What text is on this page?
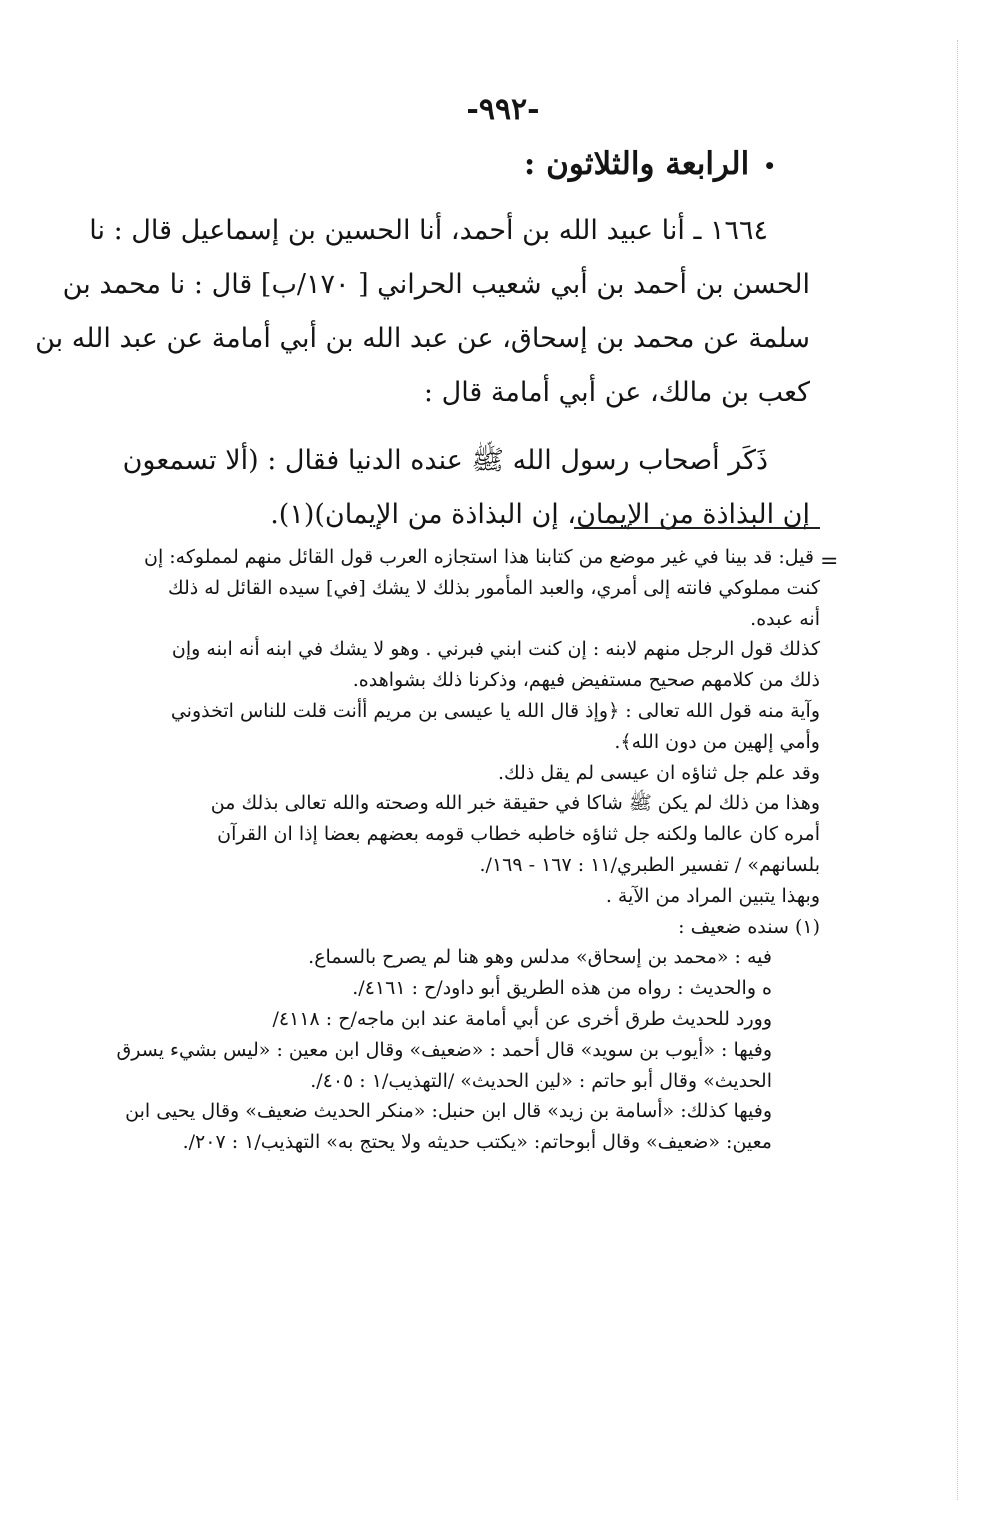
-٩٩٢-
•الرابعة والثلاثون :
١٦٦٤ ـ أنا عبيد الله بن أحمد، أنا الحسين بن إسماعيل قال : نا
الحسن بن أحمد بن أبي شعيب الحراني [ ١٧٠/ب] قال : نا محمد بن
سلمة عن محمد بن إسحاق، عن عبد الله بن أبي أمامة عن عبد الله بن
كعب بن مالك، عن أبي أمامة قال :
ذَكَر أصحاب رسول الله ﷺ عنده الدنيا فقال : (ألا تسمعون
إن البذاذة من الإيمان، إن البذاذة من الإيمان)(١).
=
قيل: قد بينا في غير موضع من كتابنا هذا استجازه العرب قول القائل منهم لمملوكه: إن
كنت مملوكي فانته إلى أمري، والعبد المأمور بذلك لا يشك [في] سيده القائل له ذلك
أنه عبده.
كذلك قول الرجل منهم لابنه : إن كنت ابني فبرني . وهو لا يشك في ابنه أنه ابنه وإن
ذلك من كلامهم صحيح مستفيض فيهم، وذكرنا ذلك بشواهده.
وآية منه قول الله تعالى : ﴿وإذ قال الله يا عيسى بن مريم أأنت قلت للناس اتخذوني
وأمي إلهين من دون الله﴾.
وقد علم جل ثناؤه ان عيسى لم يقل ذلك.
وهذا من ذلك لم يكن ﷺ شاكا في حقيقة خبر الله وصحته والله تعالى بذلك من
أمره كان عالما ولكنه جل ثناؤه خاطبه خطاب قومه بعضهم بعضا إذا ان القرآن
بلسانهم» / تفسير الطبري/١١ : ١٦٧ - ١٦٩/.
وبهذا يتبين المراد من الآية .
(١)سنده ضعيف :
فيه : «محمد بن إسحاق» مدلس وهو هنا لم يصرح بالسماع.
ه والحديث : رواه من هذه الطريق أبو داود/ح : ٤١٦١/.
وورد للحديث طرق أخرى عن أبي أمامة عند ابن ماجه/ح : ٤١١٨/
وفيها : «أيوب بن سويد» قال أحمد : «ضعيف» وقال ابن معين : «ليس بشيء يسرق
الحديث» وقال أبو حاتم : «لين الحديث» /التهذيب/١ : ٤٠٥/.
وفيها كذلك: «أسامة بن زيد» قال ابن حنبل: «منكر الحديث ضعيف» وقال يحيى ابن
معين: «ضعيف» وقال أبوحاتم: «يكتب حديثه ولا يحتج به» التهذيب/١ : ٢٠٧/.
